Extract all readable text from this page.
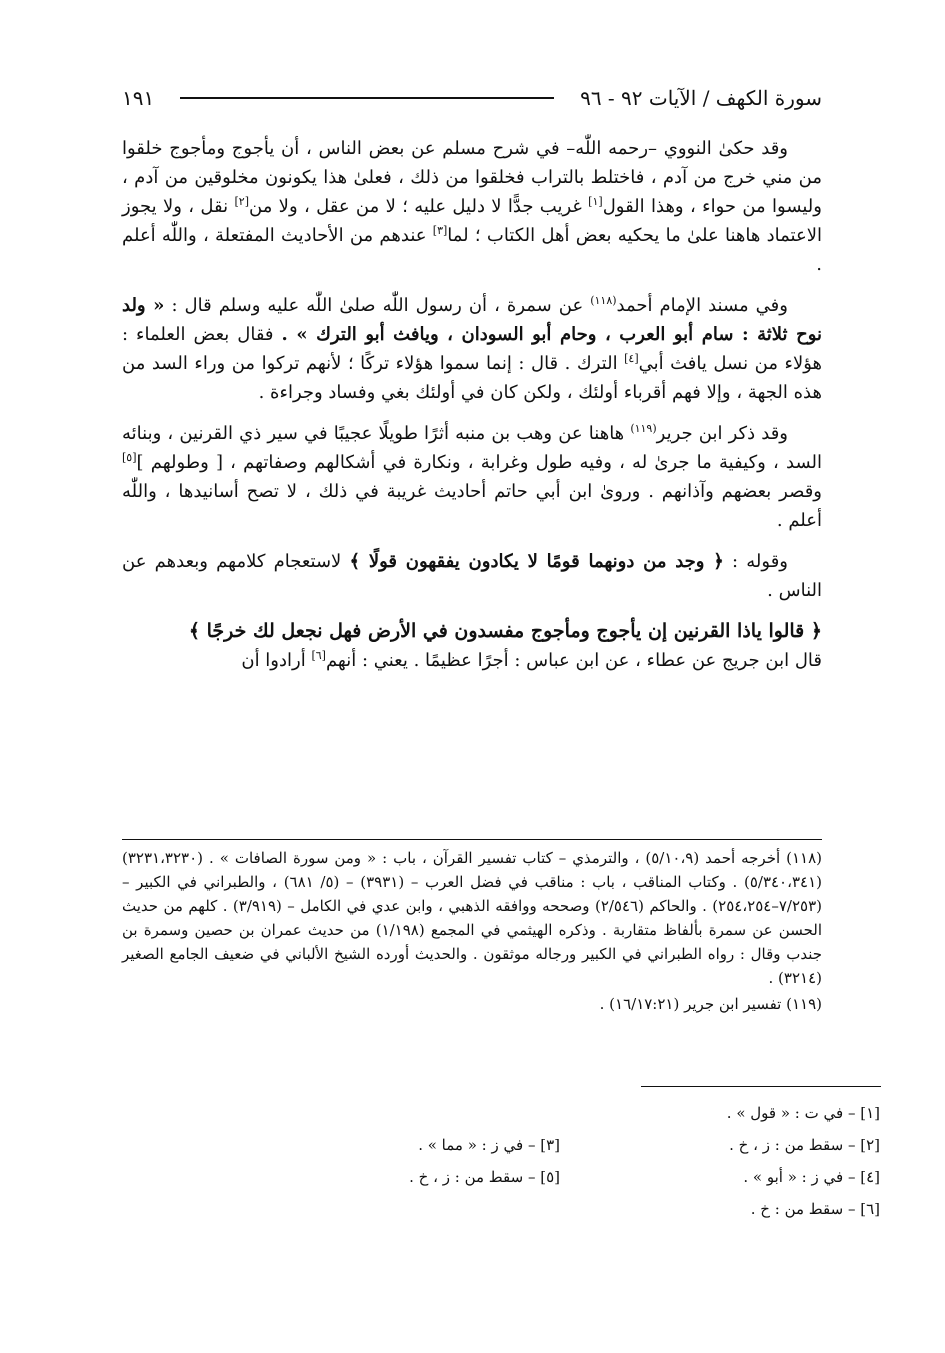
سورة الكهف / الآيات ٩٢ - ٩٦
١٩١

وقد حكىٰ النووي –رحمه اللّٰه– في شرح مسلم عن بعض الناس ، أن يأجوج ومأجوج خلقوا من مني خرج من آدم ، فاختلط بالتراب فخلقوا من ذلك ، فعلىٰ هذا يكونون مخلوقين من آدم ، وليسوا من حواء ، وهذا القول[١] غريب جدًّا لا دليل عليه ؛ لا من عقل ، ولا من[٢] نقل ، ولا يجوز الاعتماد هاهنا علىٰ ما يحكيه بعض أهل الكتاب ؛ لما[٣] عندهم من الأحاديث المفتعلة ، واللّٰه أعلم .

وفي مسند الإمام أحمد$^{(١١٨)}$ عن سمرة ، أن رسول اللّٰه صلىٰ اللّٰه عليه وسلم قال : « ولد نوح ثلاثة : سام أبو العرب ، وحام أبو السودان ، ويافث أبو الترك » . فقال بعض العلماء : هؤلاء من نسل يافث أبي[٤] الترك . قال : إنما سموا هؤلاء تركًا ؛ لأنهم تركوا من وراء السد من هذه الجهة ، وإلا فهم أقرباء أولئك ، ولكن كان في أولئك بغي وفساد وجراءة .

وقد ذكر ابن جرير$^{(١١٩)}$ هاهنا عن وهب بن منبه أثرًا طويلًا عجيبًا في سير ذي القرنين ، وبنائه السد ، وكيفية ما جرىٰ له ، وفيه طول وغرابة ، ونكارة في أشكالهم وصفاتهم ، [ وطولهم ][٥] وقصر بعضهم وآذانهم . وروىٰ ابن أبي حاتم أحاديث غريبة في ذلك ، لا تصح أسانيدها ، واللّٰه أعلم .

وقوله : ﴿ وجد من دونهما قومًا لا يكادون يفقهون قولًا ﴾ لاستعجام كلامهم وبعدهم عن الناس .

﴿ قالوا ياذا القرنين إن يأجوج ومأجوج مفسدون في الأرض فهل نجعل لك خرجًا ﴾

قال ابن جريج عن عطاء ، عن ابن عباس : أجرًا عظيمًا . يعني : أنهم[٦] أرادوا أن

(١١٨) أخرجه أحمد (٥/١٠،٩) ، والترمذي – كتاب تفسير القرآن ، باب : « ومن سورة الصافات » . (٣٢٣١،٣٢٣٠) (٥/٣٤٠،٣٤١) . وكتاب المناقب ، باب : مناقب في فضل العرب – (٣٩٣١) – (٥/ ٦٨١) ، والطبراني في الكبير – (٧/٢٥٣–٢٥٤،٢٥٤) . والحاكم (٢/٥٤٦) وصححه ووافقه الذهبي ، وابن عدي في الكامل – (٣/٩١٩) . كلهم من حديث الحسن عن سمرة بألفاظ متقاربة . وذكره الهيثمي في المجمع (١/١٩٨) من حديث عمران بن حصين وسمرة بن جندب وقال : رواه الطبراني في الكبير ورجاله موثقون . والحديث أورده الشيخ الألباني في ضعيف الجامع الصغير (٣٢١٤) .

(١١٩) تفسير ابن جرير (١٦/١٧:٢١) .

[١] – في ت : « قول » .
[٢] – سقط من : ز ، خ .
[٣] – في ز : « مما » .
[٤] – في ز : « أبو » .
[٥] – سقط من : ز ، خ .
[٦] – سقط من : خ .
